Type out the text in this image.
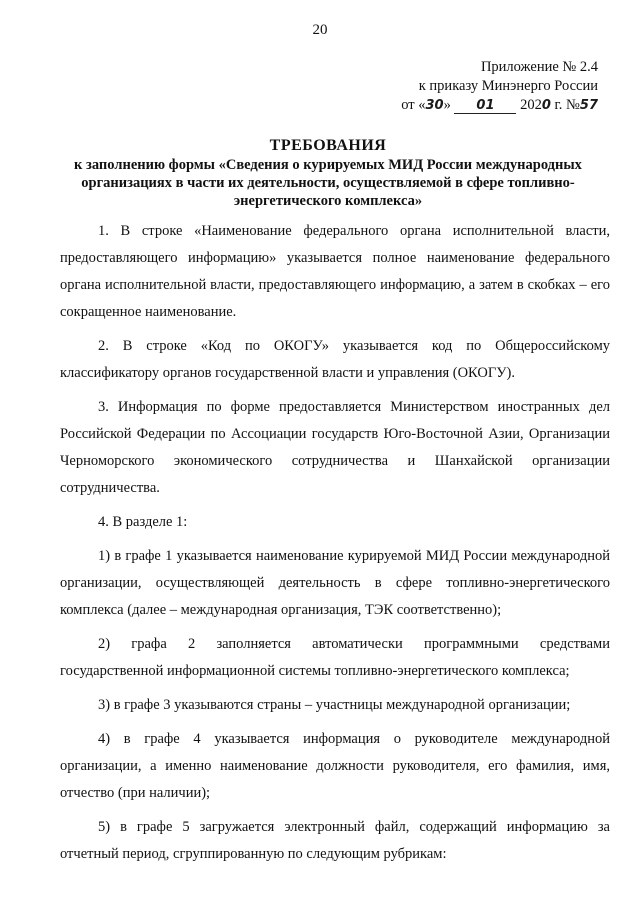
20
Приложение № 2.4
к приказу Минэнерго России
от «30» 01 2020 г. №57
ТРЕБОВАНИЯ
к заполнению формы «Сведения о курируемых МИД России международных организациях в части их деятельности, осуществляемой в сфере топливно-энергетического комплекса»

1. В строке «Наименование федерального органа исполнительной власти, предоставляющего информацию» указывается полное наименование федерального органа исполнительной власти, предоставляющего информацию, а затем в скобках – его сокращенное наименование.

2. В строке «Код по ОКОГУ» указывается код по Общероссийскому классификатору органов государственной власти и управления (ОКОГУ).

3. Информация по форме предоставляется Министерством иностранных дел Российской Федерации по Ассоциации государств Юго-Восточной Азии, Организации Черноморского экономического сотрудничества и Шанхайской организации сотрудничества.

4. В разделе 1:

1) в графе 1 указывается наименование курируемой МИД России международной организации, осуществляющей деятельность в сфере топливно-энергетического комплекса (далее – международная организация, ТЭК соответственно);

2) графа 2 заполняется автоматически программными средствами государственной информационной системы топливно-энергетического комплекса;

3) в графе 3 указываются страны – участницы международной организации;

4) в графе 4 указывается информация о руководителе международной организации, а именно наименование должности руководителя, его фамилия, имя, отчество (при наличии);

5) в графе 5 загружается электронный файл, содержащий информацию за отчетный период, сгруппированную по следующим рубрикам:
